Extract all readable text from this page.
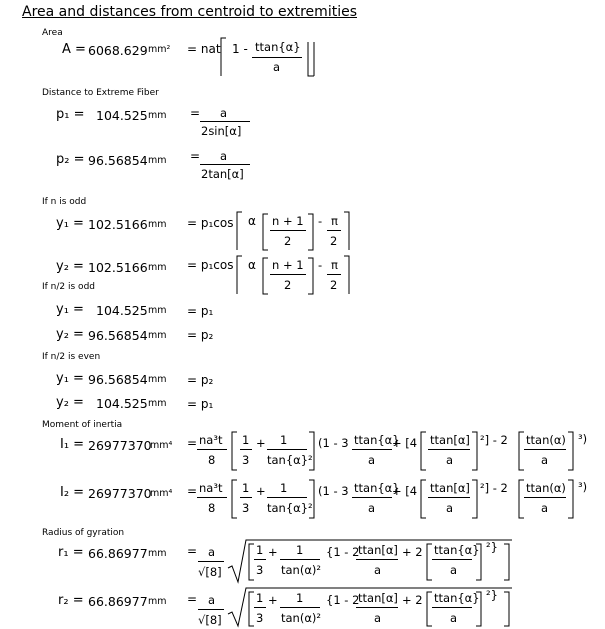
Area and distances from centroid to extremities
Area
Distance to Extreme Fiber
If n is odd
If n/2 is odd
If n/2 is even
Moment of inertia
Radius of gyration
A = 6068.629 mm² = nat 1 - ttan{α}
a
p₁ = 104.525 mm = a
2sin[α]
p₂ = 96.56854 mm = a
2tan[α]
y₁ = 102.5166 mm = p₁cos α n + 1
2
- π
2
y₂ = 102.5166 mm = p₁cos α n + 1
2
- π
2
y₁ = 104.525 mm = p₁
y₂ = 96.56854 mm = p₂
y₁ = 96.56854 mm = p₂
y₂ = 104.525 mm = p₁
I₁ = 26977370
mm⁴ = na³t
8
1
3
+ 1
tan{α}²
(1 - 3 ttan{α}
a
+ [4 ttan[α]
a
²] - 2 ttan(α)
a
³)
I₂ = 26977370
mm⁴ = na³t
8
1
3
+ 1
tan{α}²
(1 - 3 ttan{α}
a
+ [4 ttan[α]
a
²] - 2 ttan(α)
a
³)
r₁ = 66.86977 mm = a
√[8]
1
3
+ 1
tan(α)²
{1 - 2
ttan[α]
a
+ 2 ttan{α}
a
²}
r₂ = 66.86977 mm = a
√[8]
1
3
+ 1
tan(α)²
{1 - 2
ttan[α]
a
+ 2 ttan{α}
a
²}
